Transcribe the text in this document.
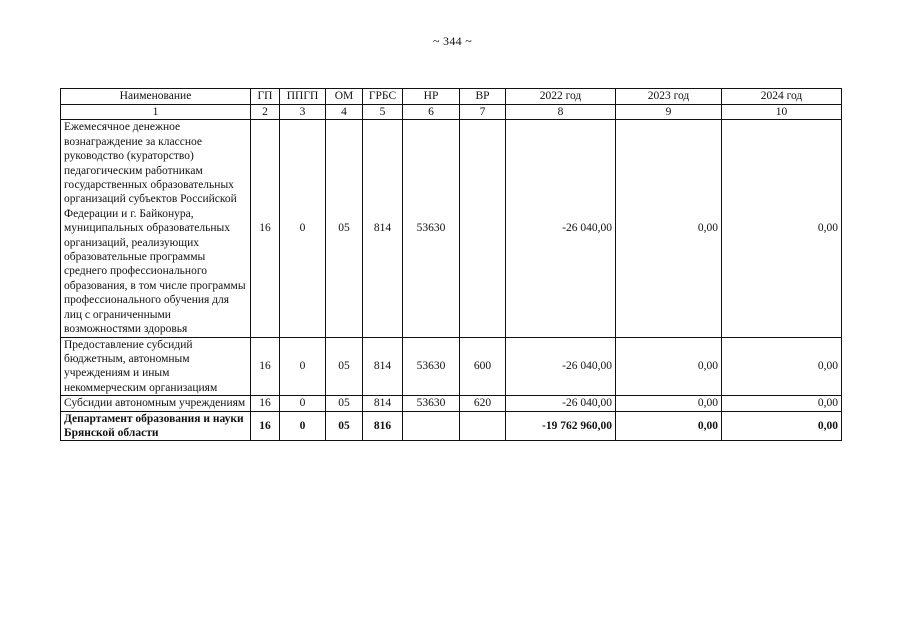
~ 344 ~
Наименование	ГП	ППГП	ОМ	ГРБС	НР	ВР	2022 год	2023 год	2024 год
1	2	3	4	5	6	7	8	9	10
Ежемесячное денежное вознаграждение за классное руководство (кураторство) педагогическим работникам государственных образовательных организаций субъектов Российской Федерации и г. Байконура, муниципальных образовательных организаций, реализующих образовательные программы среднего профессионального образования, в том числе программы профессионального обучения для лиц с ограниченными возможностями здоровья	16	0	05	814	53630		-26 040,00	0,00	0,00
Предоставление субсидий бюджетным, автономным учреждениям и иным некоммерческим организациям	16	0	05	814	53630	600	-26 040,00	0,00	0,00
Субсидии автономным учреждениям	16	0	05	814	53630	620	-26 040,00	0,00	0,00
Департамент образования и науки Брянской области	16	0	05	816			-19 762 960,00	0,00	0,00
